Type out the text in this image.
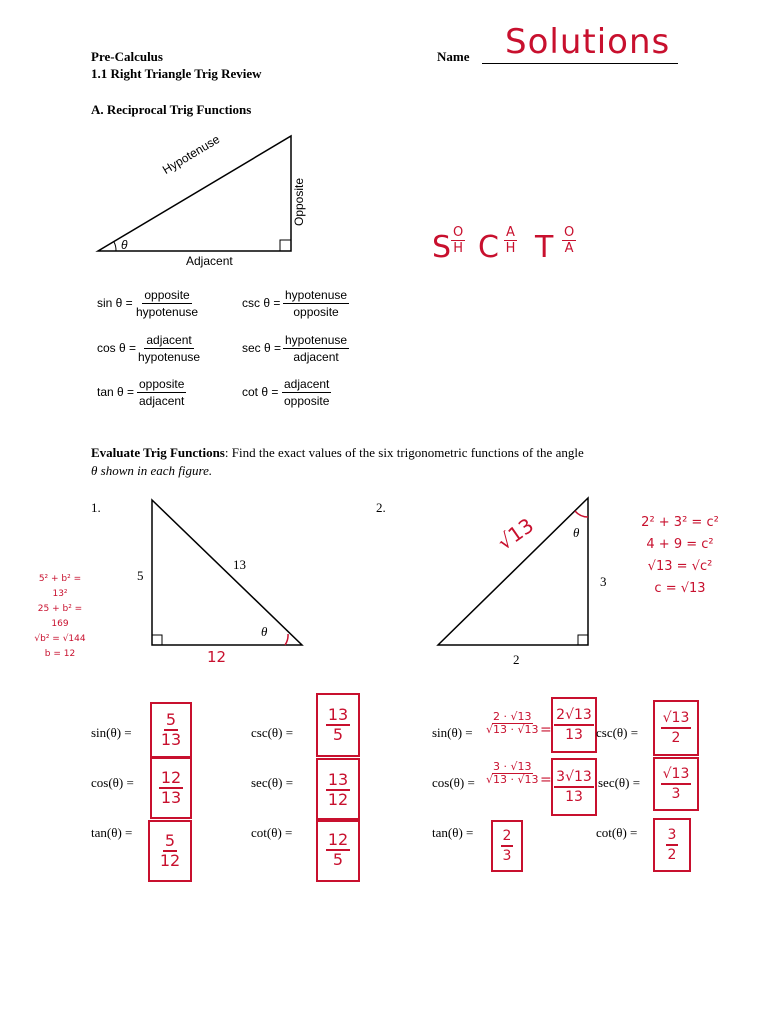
Pre-Calculus
1.1 Right Triangle Trig Review
Name Solutions
A. Reciprocal Trig Functions
Hypotenuse
Opposite
Adjacent
θ	S O
H C A
H T O
A
sin θ =
opposite
hypotenuse
cos θ =
adjacent
hypotenuse
tan θ =
opposite
adjacent
csc θ =
hypotenuse
opposite
sec θ =
hypotenuse
adjacent
cot θ =
adjacent
opposite
Evaluate Trig Functions: Find the exact values of the six trigonometric functions of the angle
θ shown in each figure.
1.
5
13
θ
12
5² + b² = 13²
25 + b² = 169
√b² = √144
b = 12
2.
θ
3
2
√13	2² + 3² = c²
4 + 9 = c²
√13 = √c²
c = √13
$\sin(\theta) = \frac{5}{13}$
$\cos(\theta) = \frac{12}{13}$
$\tan(\theta) = \frac{5}{12}$
$\csc(\theta) = \frac{13}{5}$
$\sec(\theta) = \frac{13}{12}$
$\cot(\theta) = \frac{12}{5}$
$\sin(\theta) = \frac{2 \cdot √13}{√13 \cdot √13} = \frac{2√13}{13}$
$\cos(\theta) = \frac{3 \cdot √13}{√13 \cdot √13} = \frac{3√13}{13}$
$\tan(\theta) = \frac{2}{3}$
$\csc(\theta) = \frac{√13}{2}$
$\sec(\theta) = \frac{√13}{3}$
$\cot(\theta) = \frac{3}{2}$
